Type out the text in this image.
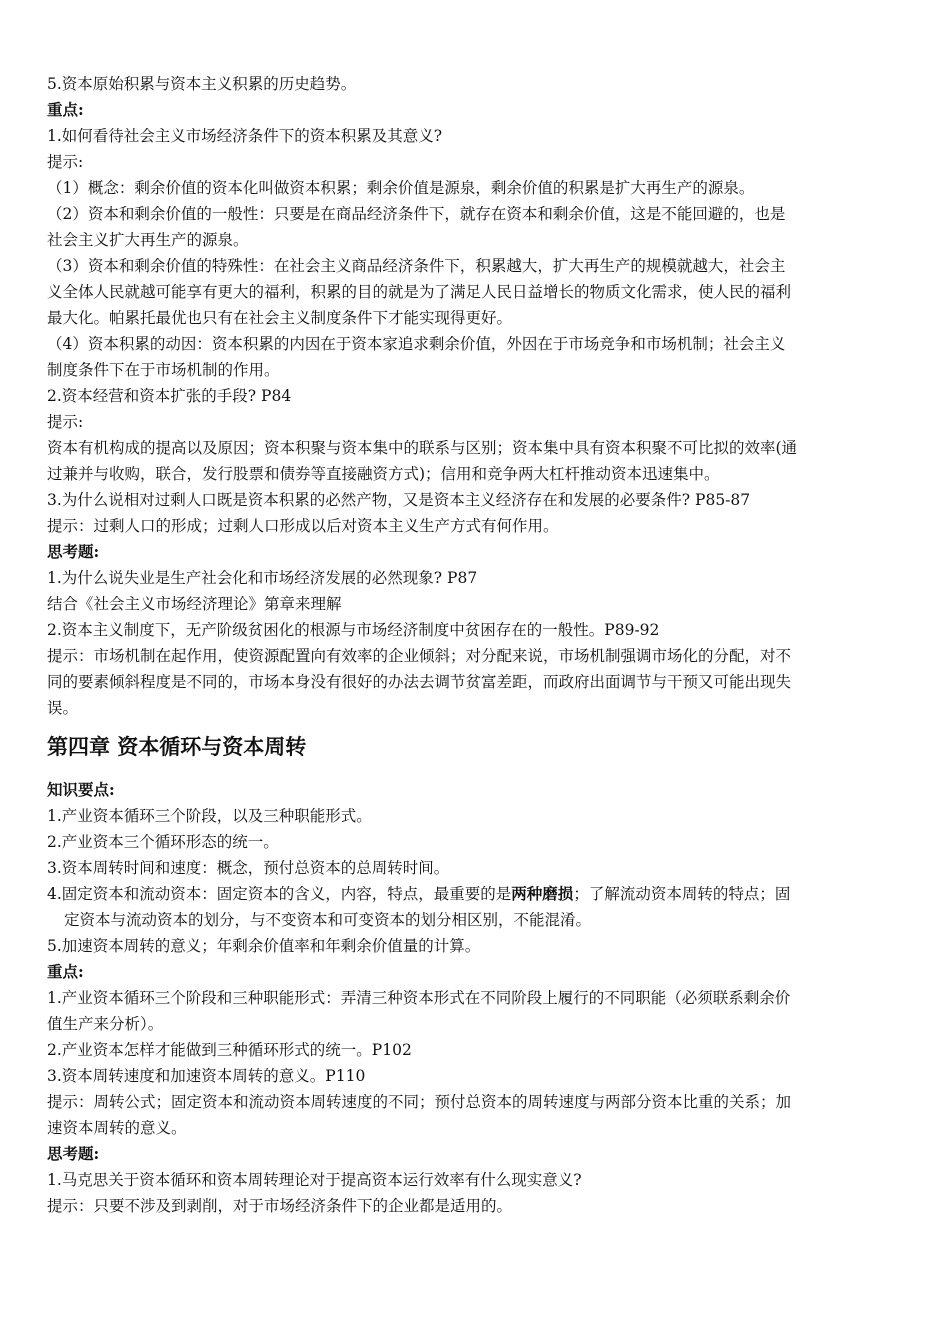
5.资本原始积累与资本主义积累的历史趋势。
重点:
1.如何看待社会主义市场经济条件下的资本积累及其意义?
提示:
（1）概念：剩余价值的资本化叫做资本积累；剩余价值是源泉，剩余价值的积累是扩大再生产的源泉。
（2）资本和剩余价值的一般性：只要是在商品经济条件下，就存在资本和剩余价值，这是不能回避的，也是
社会主义扩大再生产的源泉。
（3）资本和剩余价值的特殊性：在社会主义商品经济条件下，积累越大，扩大再生产的规模就越大，社会主
义全体人民就越可能享有更大的福利，积累的目的就是为了满足人民日益增长的物质文化需求，使人民的福利
最大化。帕累托最优也只有在社会主义制度条件下才能实现得更好。
（4）资本积累的动因：资本积累的内因在于资本家追求剩余价值，外因在于市场竞争和市场机制；社会主义
制度条件下在于市场机制的作用。
2.资本经营和资本扩张的手段? P84
提示:
资本有机构成的提高以及原因；资本积聚与资本集中的联系与区别；资本集中具有资本积聚不可比拟的效率(通
过兼并与收购，联合，发行股票和债券等直接融资方式)；信用和竞争两大杠杆推动资本迅速集中。
3.为什么说相对过剩人口既是资本积累的必然产物，又是资本主义经济存在和发展的必要条件? P85-87
提示：过剩人口的形成；过剩人口形成以后对资本主义生产方式有何作用。
思考题:
1.为什么说失业是生产社会化和市场经济发展的必然现象? P87
结合《社会主义市场经济理论》第章来理解
2.资本主义制度下，无产阶级贫困化的根源与市场经济制度中贫困存在的一般性。P89-92
提示：市场机制在起作用，使资源配置向有效率的企业倾斜；对分配来说，市场机制强调市场化的分配，对不
同的要素倾斜程度是不同的，市场本身没有很好的办法去调节贫富差距，而政府出面调节与干预又可能出现失
误。
第四章 资本循环与资本周转
知识要点:
1.产业资本循环三个阶段，以及三种职能形式。
2.产业资本三个循环形态的统一。
3.资本周转时间和速度：概念，预付总资本的总周转时间。
4.固定资本和流动资本：固定资本的含义，内容，特点，最重要的是两种磨损；了解流动资本周转的特点；固
定资本与流动资本的划分，与不变资本和可变资本的划分相区别，不能混淆。
5.加速资本周转的意义；年剩余价值率和年剩余价值量的计算。
重点:
1.产业资本循环三个阶段和三种职能形式：弄清三种资本形式在不同阶段上履行的不同职能（必须联系剩余价
值生产来分析）。
2.产业资本怎样才能做到三种循环形式的统一。P102
3.资本周转速度和加速资本周转的意义。P110
提示：周转公式；固定资本和流动资本周转速度的不同；预付总资本的周转速度与两部分资本比重的关系；加
速资本周转的意义。
思考题:
1.马克思关于资本循环和资本周转理论对于提高资本运行效率有什么现实意义?
提示：只要不涉及到剥削，对于市场经济条件下的企业都是适用的。
